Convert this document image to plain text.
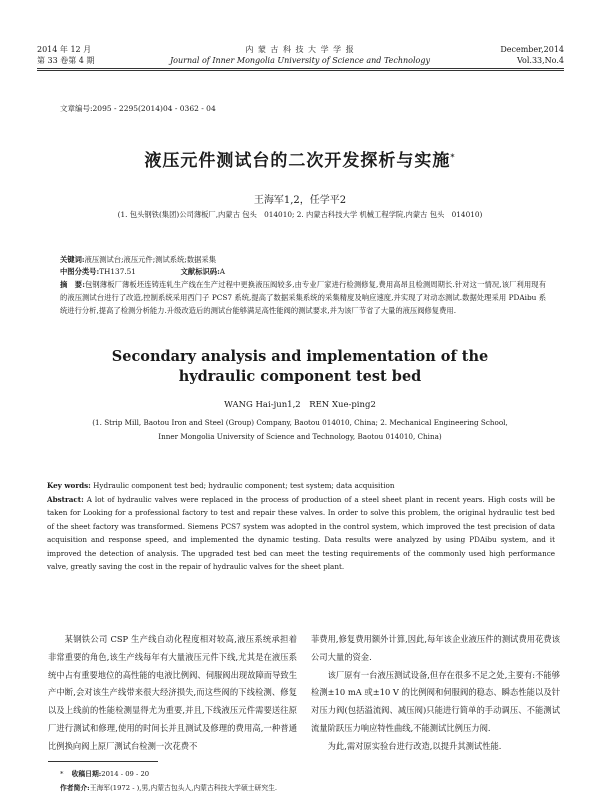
2014 年 12 月
第 33 卷第 4 期
内 蒙 古 科 技 大 学 学 报
Journal of Inner Mongolia University of Science and Technology
December,2014
Vol.33,No.4
文章编号:2095 - 2295(2014)04 - 0362 - 04
液压元件测试台的二次开发探析与实施*
王海军1,2，任学平2
(1. 包头钢铁(集团)公司薄板厂,内蒙古 包头　014010; 2. 内蒙古科技大学 机械工程学院,内蒙古 包头　014010)
关键词:液压测试台;液压元件;测试系统;数据采集
中图分类号:TH137.51	文献标识码:A
摘　要:包钢薄板厂薄板坯连铸连轧生产线在生产过程中更换液压阀较多,由专业厂家进行检测修复,费用高昂且检测周期长.针对这一情况,该厂利用现有的液压测试台进行了改造,控制系统采用西门子 PCS7 系统,提高了数据采集系统的采集精度及响应速度,并实现了对动态测试.数据处理采用 PDAibu 系统进行分析,提高了检测分析能力.升级改造后的测试台能够满足高性能阀的测试要求,并为该厂节省了大量的液压阀修复费用.
Secondary analysis and implementation of the
hydraulic component test bed
WANG Hai-jun1,2　REN Xue-ping2
(1. Strip Mill, Baotou Iron and Steel (Group) Company, Baotou 014010, China; 2. Mechanical Engineering School,
Inner Mongolia University of Science and Technology, Baotou 014010, China)
Key words: Hydraulic component test bed; hydraulic component; test system; data acquisition
Abstract: A lot of hydraulic valves were replaced in the process of production of a steel sheet plant in recent years. High costs will be taken for Looking for a professional factory to test and repair these valves. In order to solve this problem, the original hydraulic test bed of the sheet factory was transformed. Siemens PCS7 system was adopted in the control system, which improved the test precision of data acquisition and response speed, and implemented the dynamic testing. Data results were analyzed by using PDAibu system, and it improved the detection of analysis. The upgraded test bed can meet the testing requirements of the commonly used high performance valve, greatly saving the cost in the repair of hydraulic valves for the sheet plant.
某钢铁公司 CSP 生产线自动化程度相对较高,液压系统承担着非常重要的角色,该生产线每年有大量液压元件下线,尤其是在液压系统中占有重要地位的高性能的电液比例阀、伺服阀出现故障而导致生产中断,会对该生产线带来很大经济损失,而这些阀的下线检测、修复以及上线前的性能检测显得尤为重要,并且,下线液压元件需要送往原厂进行测试和修理,使用的时间长并且测试及修理的费用高,一种普通比例换向阀上原厂测试台检测一次花费不
菲费用,修复费用额外计算,因此,每年该企业液压件的测试费用花费该公司大量的资金.
该厂原有一台液压测试设备,但存在很多不足之处,主要有:不能够检测±10 mA 或±10 V 的比例阀和伺服阀的稳态、瞬态性能以及针对压力阀(包括溢流阀、减压阀)只能进行简单的手动调压、不能测试流量阶跃压力响应特性曲线,不能测试比例压力阀.
为此,需对原实验台进行改造,以提升其测试性能.
* 收稿日期:2014 - 09 - 20
作者简介:王海军(1972 - ),男,内蒙古包头人,内蒙古科技大学硕士研究生.
